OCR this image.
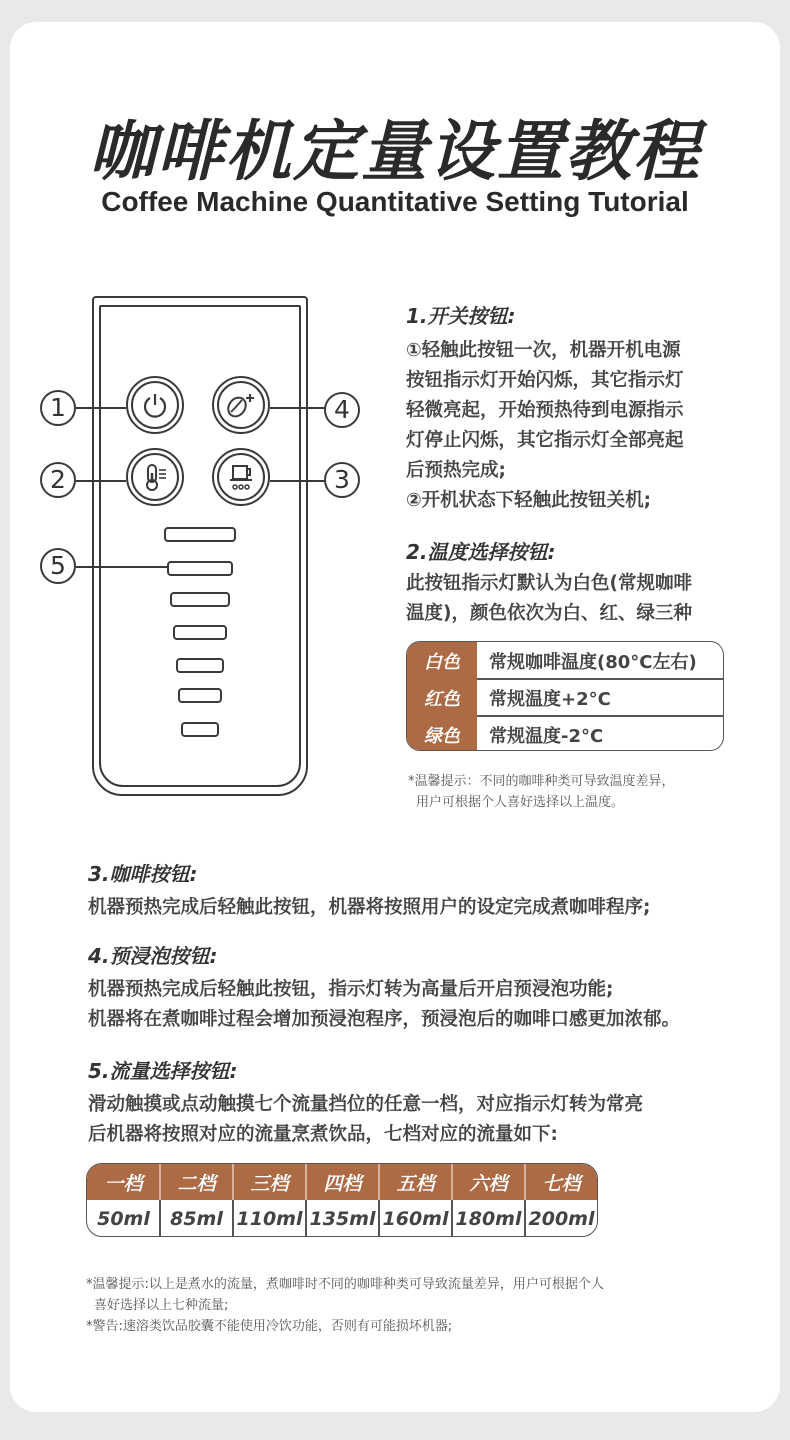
咖啡机定量设置教程
Coffee Machine Quantitative Setting Tutorial
1
2	3
4
5
1.开关按钮:
①轻触此按钮一次，机器开机电源
按钮指示灯开始闪烁，其它指示灯
轻微亮起，开始预热待到电源指示
灯停止闪烁，其它指示灯全部亮起
后预热完成;
②开机状态下轻触此按钮关机;
2.温度选择按钮:
此按钮指示灯默认为白色(常规咖啡
温度)，颜色依次为白、红、绿三种
白色	常规咖啡温度(80°C左右)
红色	常规温度+2°C
绿色	常规温度-2°C
*温馨提示：不同的咖啡种类可导致温度差异，
用户可根据个人喜好选择以上温度。
3.咖啡按钮:
机器预热完成后轻触此按钮，机器将按照用户的设定完成煮咖啡程序;
4.预浸泡按钮:
机器预热完成后轻触此按钮，指示灯转为高量后开启预浸泡功能;
机器将在煮咖啡过程会增加预浸泡程序，预浸泡后的咖啡口感更加浓郁。
5.流量选择按钮:
滑动触摸或点动触摸七个流量挡位的任意一档，对应指示灯转为常亮
后机器将按照对应的流量烹煮饮品，七档对应的流量如下:
一档	二档	三档	四档	五档	六档	七档
50ml	85ml 110ml 135ml 160ml 180ml 200ml
*温馨提示:以上是煮水的流量，煮咖啡时不同的咖啡种类可导致流量差异，用户可根据个人
喜好选择以上七种流量;
*警告:速溶类饮品胶囊不能使用冷饮功能，否则有可能损坏机器;
